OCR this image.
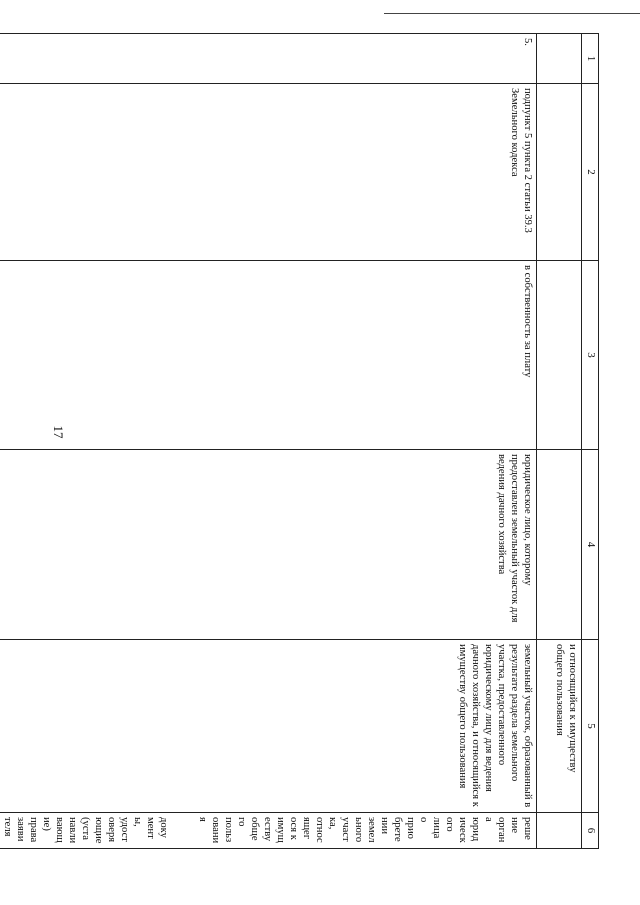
17
1	2	3	4	5	6
				и относящийся к имуществу общего пользования	
5.	подпункт 5 пункта 2 статьи 39.3 Земельного кодекса	в собственность за плату	юридическое лицо, которому предоставлен земельный участок для ведения дачного хозяйства	земельный участок, образованный в результате раздела земельного участка, предоставленного юридическому лицу для ведения дачного хозяйства, и относящийся к имуществу общего пользования	решение органа юридического лица о приобретении земельного участка, относящегося к имуществу общего пользования
документы, удостоверяющие (устанавливающие) права заявителя
